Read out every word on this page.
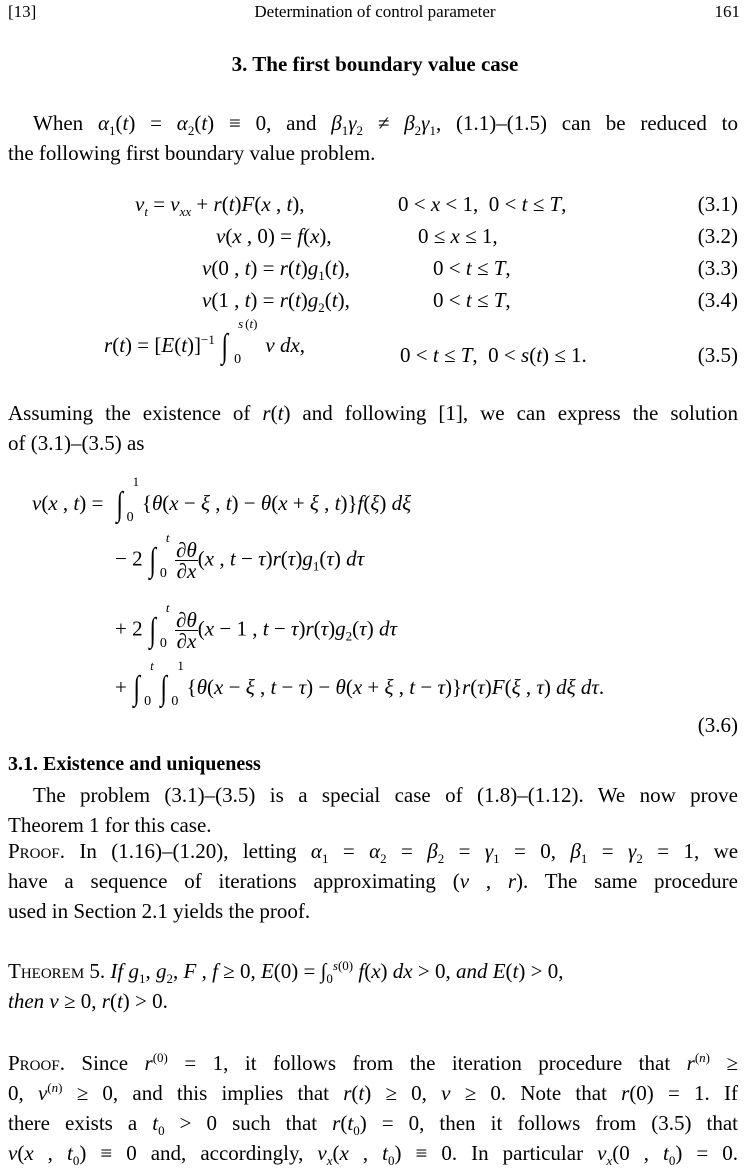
[13]	Determination of control parameter	161
3. The first boundary value case
When $\alpha_1(t) = \alpha_2(t) \equiv 0$, and $\beta_1\gamma_2 \ne \beta_2\gamma_1$, (1.1)–(1.5) can be reduced to
the following first boundary value problem.
$v_t = v_{xx} + r(t)F(x$ , t),	0 < x < 1,  0 < t ≤ T,	(3.1)
v(x , 0) = f(x),	0 ≤ x ≤ 1,	(3.2)
v(0 , $t) = r(t)g_1(t)$,	0 < t ≤ T,	(3.3)
v(1 , $t) = r(t)g_2(t)$,	0 < t ≤ T,	(3.4)
$r(t) = [E(t)]^{-1}$ ∫
s (t)
0
v dx,	0 < t ≤ T,  0 < s(t) ≤ 1.	(3.5)
Assuming the existence of r(t) and following [1], we can express the solution
of (3.1)–(3.5) as
v(x , t) = ∫
1
0
{θ(x − ξ , t) − θ(x + ξ , t)}f(ξ) dξ
− 2 ∫
t
0
$\frac{\partial\theta}{\partial x} (x$ , $t - \tau)r(\tau)g_1(\tau)$ dτ
+ 2 ∫
t
0
$\frac{\partial\theta}{\partial x} (x - 1$ , $t - \tau)r(\tau)g_2(\tau)$ dτ
+ ∫
t
0 ∫
1
0
{θ(x − ξ , t − τ) − θ(x + ξ , t − τ)}r(τ)F(ξ , τ) dξ dτ.
(3.6)
3.1. Existence and uniqueness
The problem (3.1)–(3.5) is a special case of (1.8)–(1.12). We now prove
Theorem 1 for this case.
Proof. In (1.16)–(1.20), letting $\alpha_1 = \alpha_2 = \beta_2 = \gamma_1 = 0$, $\beta_1 = \gamma_2 = 1$, we
have a sequence of iterations approximating (v , r). The same procedure
used in Section 2.1 yields the proof.
Theorem 5. If $g_1$, $g_2$, F , f ≥ 0, $E(0) = \int_0^{s(0)}$ f(x) dx > 0, and E(t) > 0,
then v ≥ 0, r(t) > 0.
Proof. Since $r^{(0)} = 1$, it follows from the iteration procedure that $r^{(n)}$ ≥
0, $v^{(n)} \ge 0$, and this implies that r(t) ≥ 0, v ≥ 0. Note that r(0) = 1. If
there exists a $t_0 > 0$ such that $r(t_0) = 0$, then it follows from (3.5) that
v(x , $t_0) \equiv 0$ and, accordingly, $v_x(x$ , $t_0) \equiv 0$. In particular $v_x(0$ , $t_0) = 0$.
